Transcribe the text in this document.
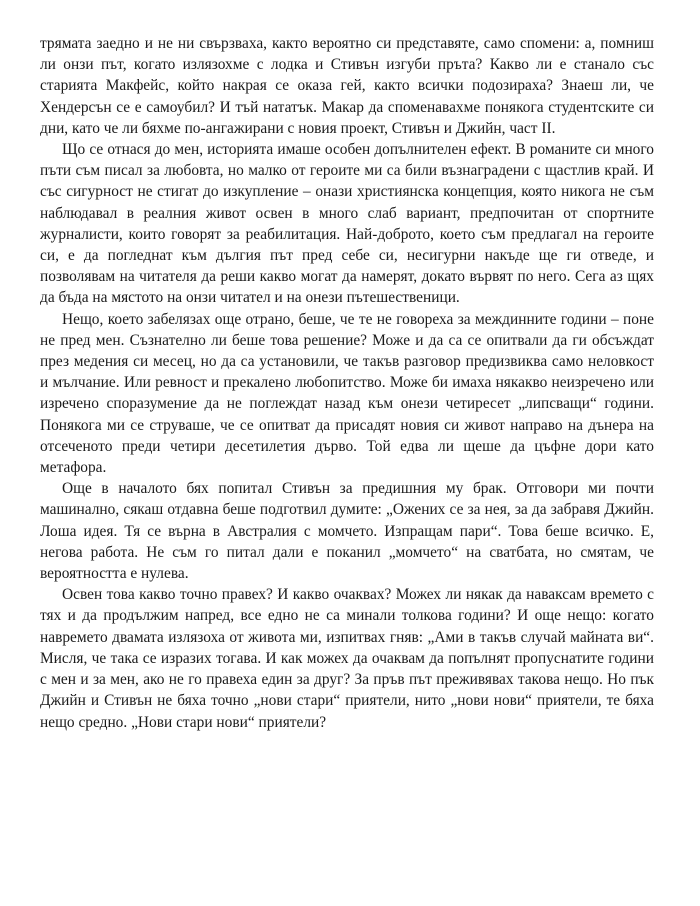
трямата заедно и не ни свързваха, както вероятно си представяте, само спомени: а, помниш ли онзи път, когато излязохме с лодка и Стивън изгуби пръта? Какво ли е станало със старията Макфейс, който накрая се оказа гей, както всички подозираха? Знаеш ли, че Хендерсън се е самоубил? И тъй нататък. Макар да споменавахме понякога студентските си дни, като че ли бяхме по-ангажирани с новия проект, Стивън и Джийн, част II.

Що се отнася до мен, историята имаше особен допълнителен ефект. В романите си много пъти съм писал за любовта, но малко от героите ми са били възнаградени с щастлив край. И със сигурност не стигат до изкупление – онази християнска концепция, която никога не съм наблюдавал в реалния живот освен в много слаб вариант, предпочитан от спортните журналисти, които говорят за реабилитация. Най-доброто, което съм предлагал на героите си, е да погледнат към дългия път пред себе си, несигурни накъде ще ги отведе, и позволявам на читателя да реши какво могат да намерят, докато вървят по него. Сега аз щях да бъда на мястото на онзи читател и на онези пътешественици.

Нещо, което забелязах още отрано, беше, че те не говореха за междинните години – поне не пред мен. Съзнателно ли беше това решение? Може и да са се опитвали да ги обсъждат през медения си месец, но да са установили, че такъв разговор предизвиква само неловкост и мълчание. Или ревност и прекалено любопитство. Може би имаха някакво неизречено или изречено споразумение да не поглеждат назад към онези четиресет „липсващи“ години. Понякога ми се струваше, че се опитват да присадят новия си живот направо на дънера на отсеченото преди четири десетилетия дърво. Той едва ли щеше да цъфне дори като метафора.

Още в началото бях попитал Стивън за предишния му брак. Отговори ми почти машинално, сякаш отдавна беше подготвил думите: „Ожених се за нея, за да забравя Джийн. Лоша идея. Тя се върна в Австралия с момчето. Изпращам пари“. Това беше всичко. Е, негова работа. Не съм го питал дали е поканил „момчето“ на сватбата, но смятам, че вероятността е нулева.

Освен това какво точно правех? И какво очаквах? Можех ли някак да наваксам времето с тях и да продължим напред, все едно не са минали толкова години? И още нещо: когато навремето двамата излязоха от живота ми, изпитвах гняв: „Ами в такъв случай майната ви“. Мисля, че така се изразих тогава. И как можех да очаквам да попълнят пропуснатите години с мен и за мен, ако не го правеха един за друг? За пръв път преживявах такова нещо. Но пък Джийн и Стивън не бяха точно „нови стари“ приятели, нито „нови нови“ приятели, те бяха нещо средно. „Нови стари нови“ приятели?
